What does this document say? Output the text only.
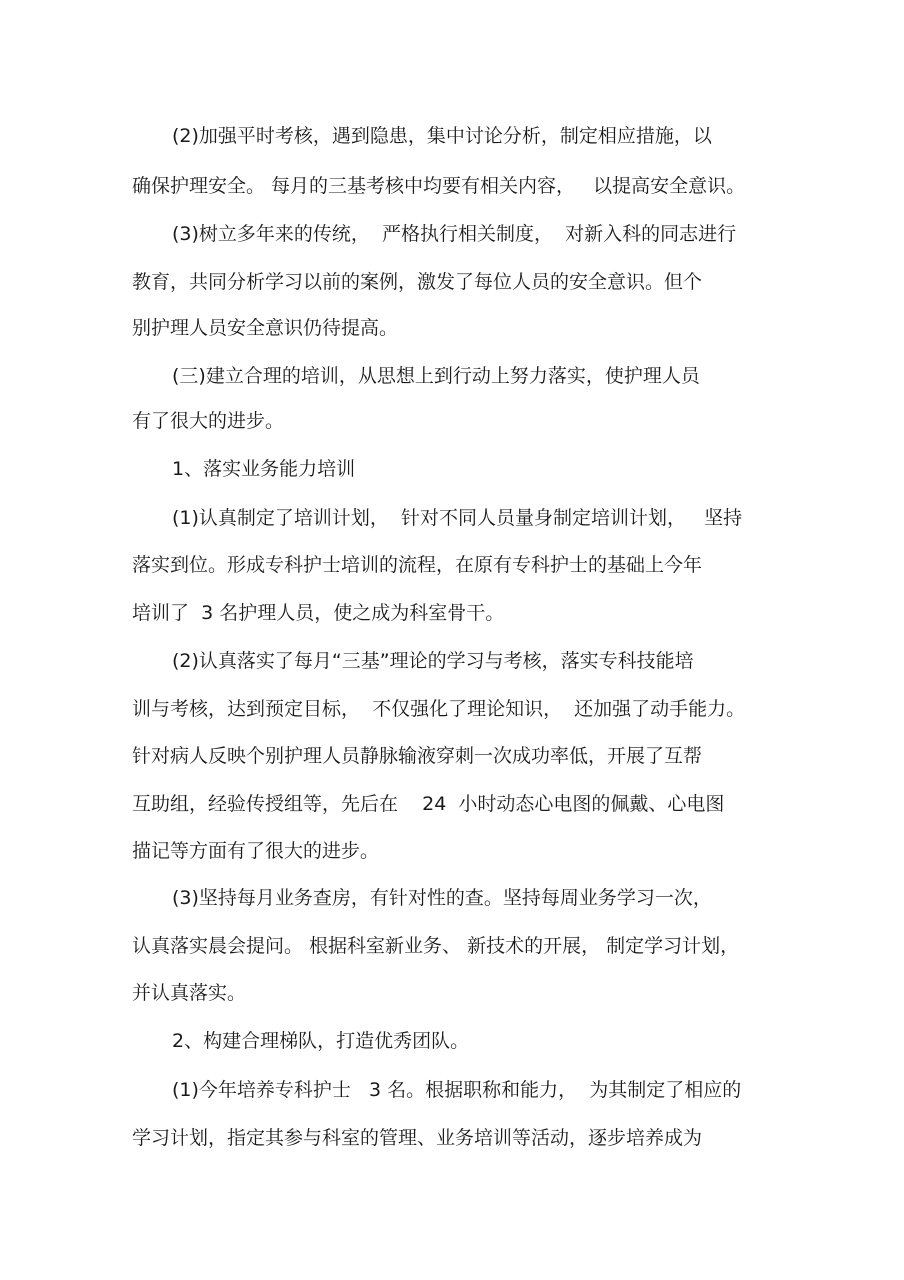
(2)加强平时考核，遇到隐患，集中讨论分析，制定相应措施，以
确保护理安全。 每月的三基考核中均要有相关内容，   以提高安全意识。
(3)树立多年来的传统，  严格执行相关制度，  对新入科的同志进行
教育，共同分析学习以前的案例，激发了每位人员的安全意识。但个
别护理人员安全意识仍待提高。
(三)建立合理的培训，从思想上到行动上努力落实，使护理人员
有了很大的进步。
1、落实业务能力培训
(1)认真制定了培训计划，  针对不同人员量身制定培训计划，   坚持
落实到位。形成专科护士培训的流程，在原有专科护士的基础上今年
培训了  3 名护理人员，使之成为科室骨干。
(2)认真落实了每月“三基”理论的学习与考核，落实专科技能培
训与考核，达到预定目标，  不仅强化了理论知识，  还加强了动手能力。
针对病人反映个别护理人员静脉输液穿刺一次成功率低，开展了互帮
互助组，经验传授组等，先后在    24  小时动态心电图的佩戴、心电图
描记等方面有了很大的进步。
(3)坚持每月业务查房，有针对性的查。坚持每周业务学习一次，
认真落实晨会提问。 根据科室新业务、 新技术的开展， 制定学习计划，
并认真落实。
2、构建合理梯队，打造优秀团队。
(1)今年培养专科护士   3 名。根据职称和能力，  为其制定了相应的
学习计划，指定其参与科室的管理、业务培训等活动，逐步培养成为
